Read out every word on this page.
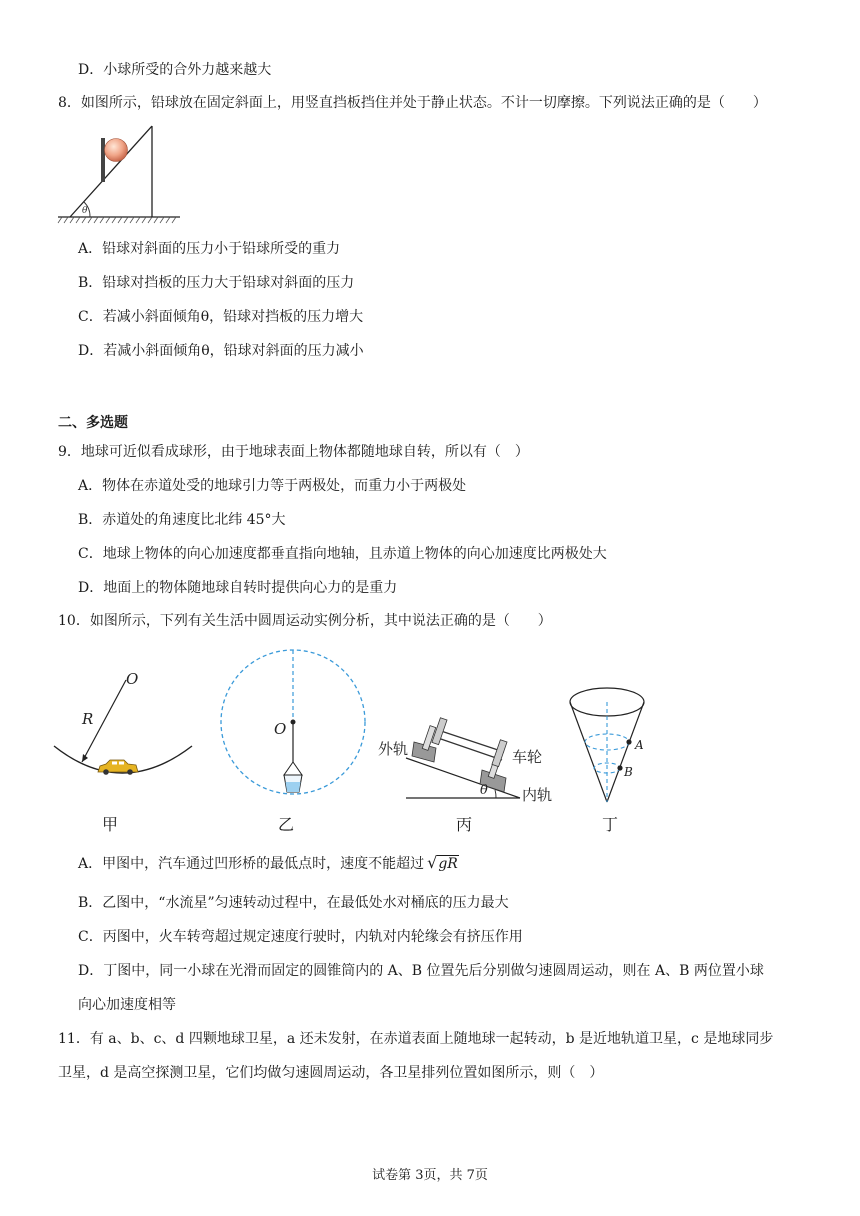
D．小球所受的合外力越来越大
8．如图所示，铅球放在固定斜面上，用竖直挡板挡住并处于静止状态。不计一切摩擦。下列说法正确的是（　　）
θ
A．铅球对斜面的压力小于铅球所受的重力
B．铅球对挡板的压力大于铅球对斜面的压力
C．若减小斜面倾角θ，铅球对挡板的压力增大
D．若减小斜面倾角θ，铅球对斜面的压力减小
二、多选题
9．地球可近似看成球形，由于地球表面上物体都随地球自转，所以有（　）
A．物体在赤道处受的地球引力等于两极处，而重力小于两极处
B．赤道处的角速度比北纬 45°大
C．地球上物体的向心加速度都垂直指向地轴，且赤道上物体的向心加速度比两极处大
D．地面上的物体随地球自转时提供向心力的是重力
10．如图所示，下列有关生活中圆周运动实例分析，其中说法正确的是（　　）
O
R
甲
O
乙
θ
外轨	车轮
内轨
丙
A
B
丁
A．甲图中，汽车通过凹形桥的最低点时，速度不能超过 √gR
B．乙图中，“水流星”匀速转动过程中，在最低处水对桶底的压力最大
C．丙图中，火车转弯超过规定速度行驶时，内轨对内轮缘会有挤压作用
D．丁图中，同一小球在光滑而固定的圆锥筒内的 A、B 位置先后分别做匀速圆周运动，则在 A、B 两位置小球
向心加速度相等
11．有 a、b、c、d 四颗地球卫星，a 还未发射，在赤道表面上随地球一起转动，b 是近地轨道卫星，c 是地球同步
卫星，d 是高空探测卫星，它们均做匀速圆周运动，各卫星排列位置如图所示，则（　）
试卷第 3页，共 7页
